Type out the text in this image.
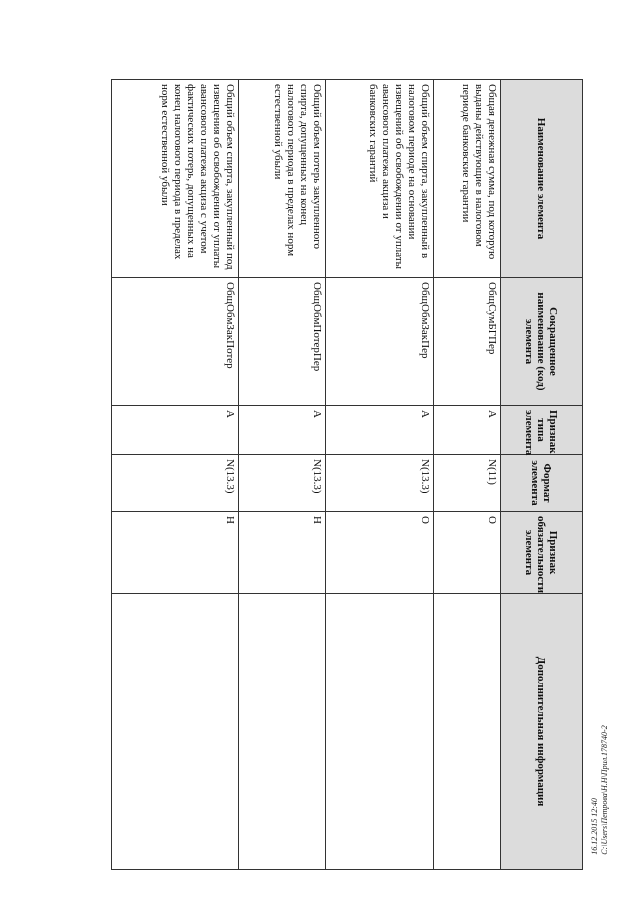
16.12.2015 12:40 С:\Users\Петрова\Н.Н\Прил.178740-2
Наименование элемента	Сокращенное наименование (код) элемента	Признак типа элемента	Формат элемента	Признак обязательности элемента	Дополнительная информация
Общая денежная сумма, под которую выданы действующие в налоговом периоде банковские гарантии	ОбщСумБГПер	А	N(11)	О	
Общий объем спирта, закупленный в налоговом периоде на основании извещений об освобождении от уплаты авансового платежа акциза и банковских гарантий	ОбщОбмЗакПер	А	N(13.3)	О	
Общий объем потерь закупленного спирта, допущенных на конец налогового периода в пределах норм естественной убыли	ОбщОбмПотерПер	А	N(13.3)	Н	
Общий объем спирта, закупленный под извещения об освобождении от уплаты авансового платежа акциза с учетом фактических потерь, допущенных на конец налогового периода в пределах норм естественной убыли	ОбщОбмЗакПотер	А	N(13.3)	Н	
